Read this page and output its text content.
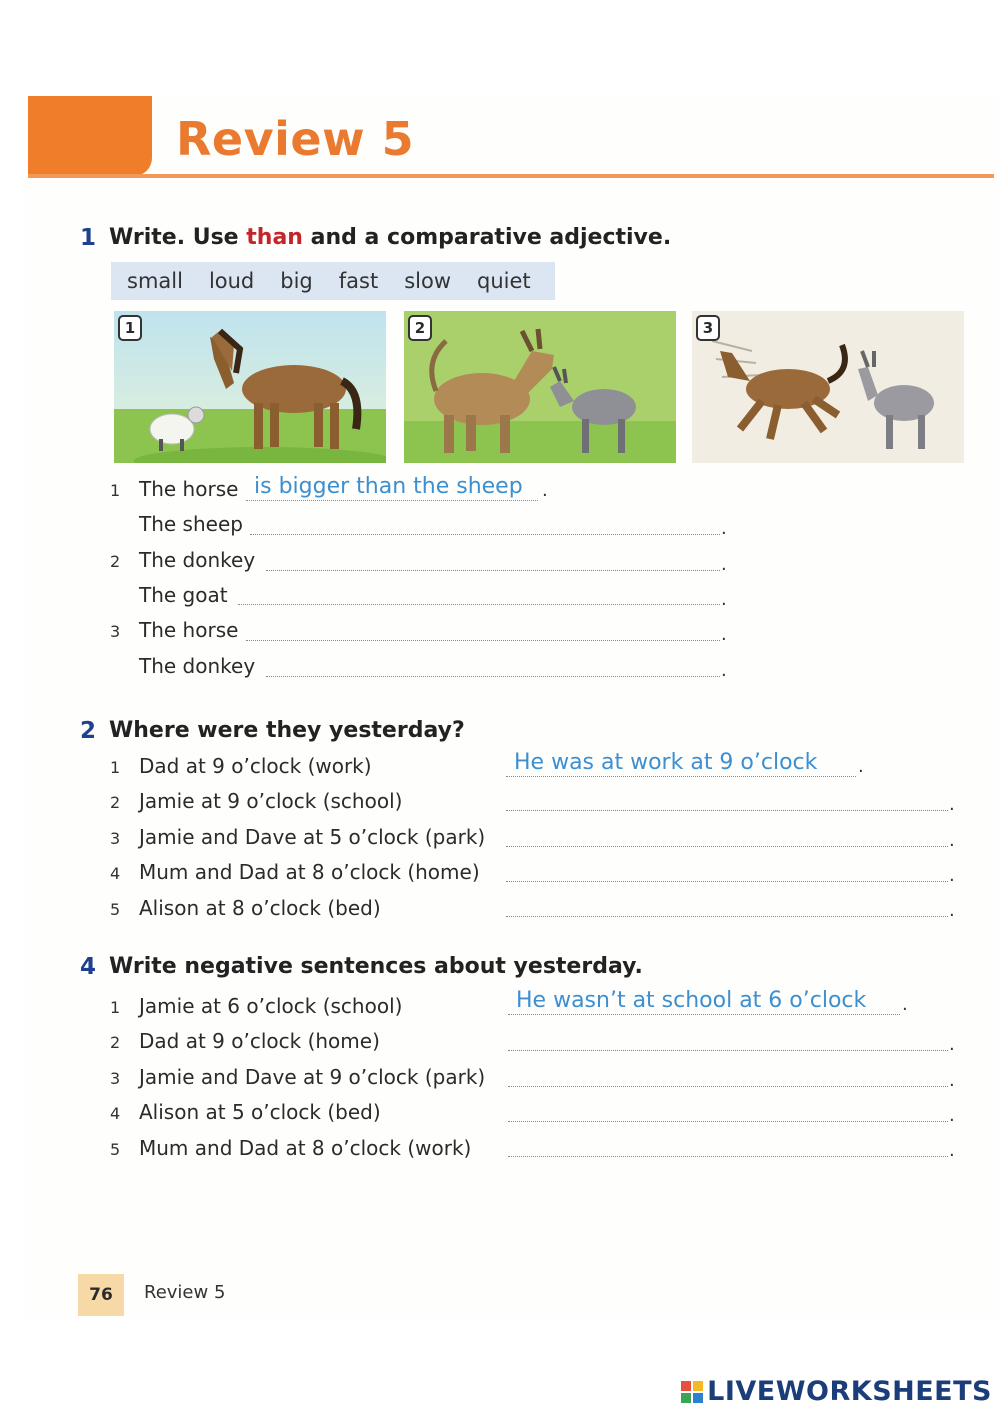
Review 5
1 Write. Use than and a comparative adjective.
small loud big fast slow quiet
1	2	3
1 The horse is bigger than the sheep .
The sheep	.
2 The donkey	.
The goat	.
3 The horse	.
The donkey	.
2 Where were they yesterday?
1 Dad at 9 o’clock (work)	He was at work at 9 o’clock .
2 Jamie at 9 o’clock (school)	.
3 Jamie and Dave at 5 o’clock (park)	.
4 Mum and Dad at 8 o’clock (home)	.
5 Alison at 8 o’clock (bed)	.
4 Write negative sentences about yesterday.
1 Jamie at 6 o’clock (school)	He wasn’t at school at 6 o’clock .
2 Dad at 9 o’clock (home)	.
3 Jamie and Dave at 9 o’clock (park)	.
4 Alison at 5 o’clock (bed)	.
5 Mum and Dad at 8 o’clock (work)	.
76	Review 5
LIVEWORKSHEETS
